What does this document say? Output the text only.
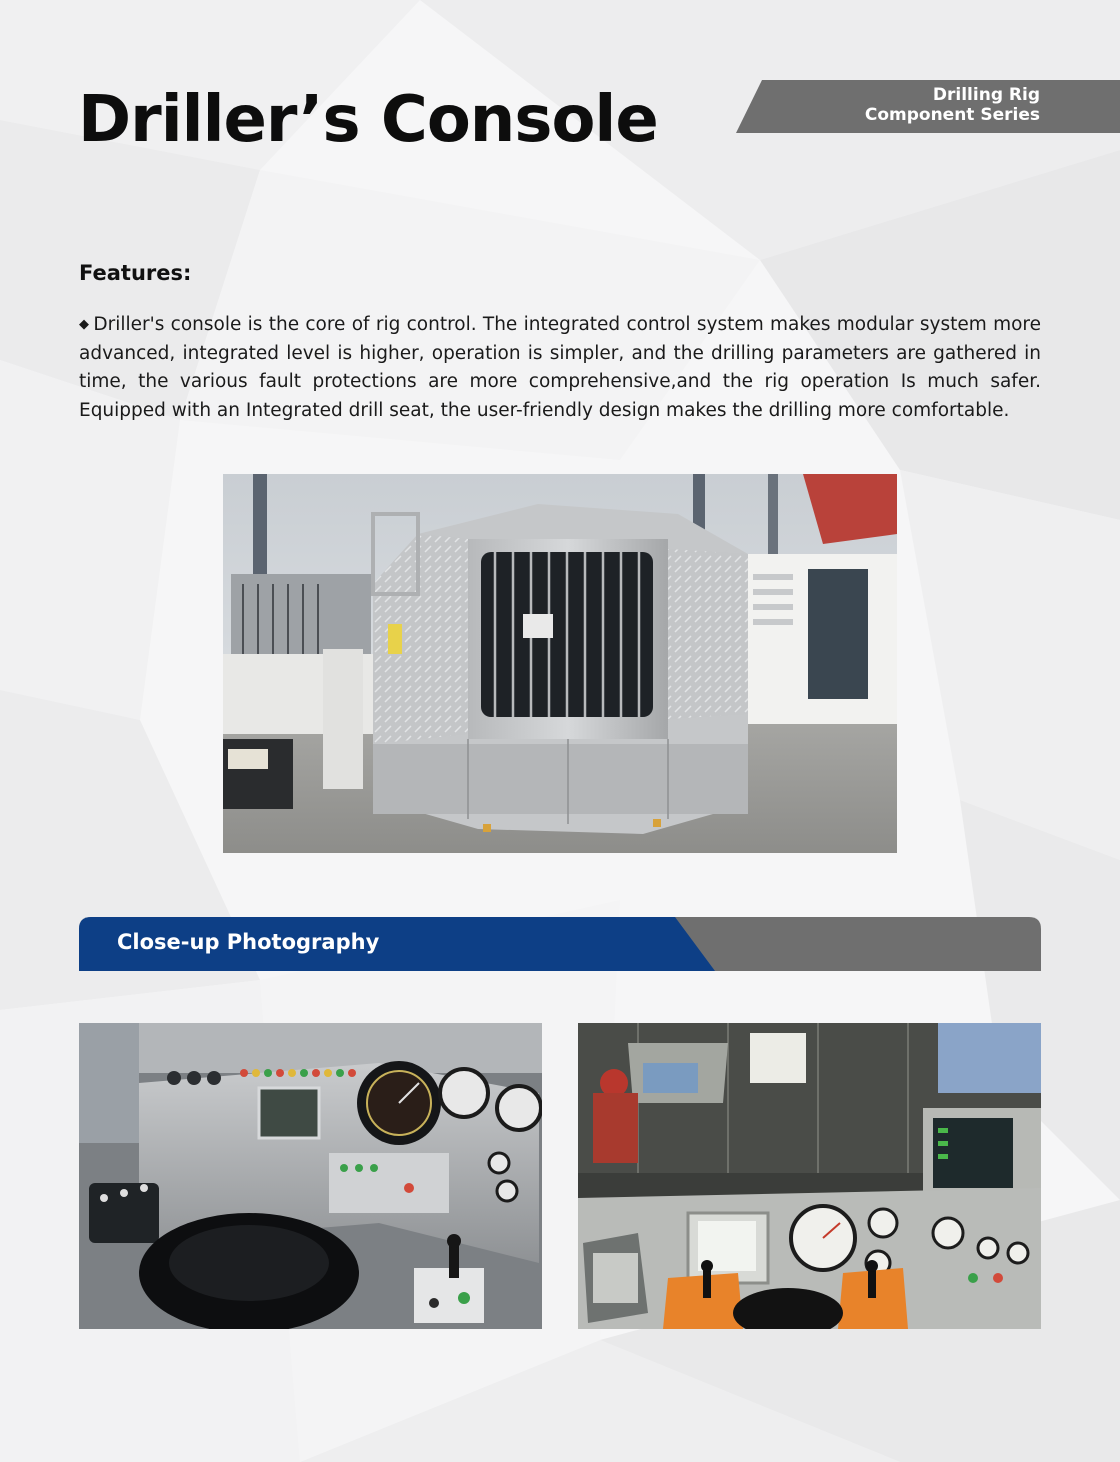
Driller’s Console	Drilling Rig
Component Series
Features:

◆ Driller's console is the core of rig control. The integrated control system makes modular system more advanced, integrated level is higher, operation is simpler, and the drilling parameters are gathered in time, the various fault protections are more comprehensive,and the rig operation Is much safer. Equipped with an Integrated drill seat, the user-friendly design makes the drilling more comfortable.

Close-up Photography
